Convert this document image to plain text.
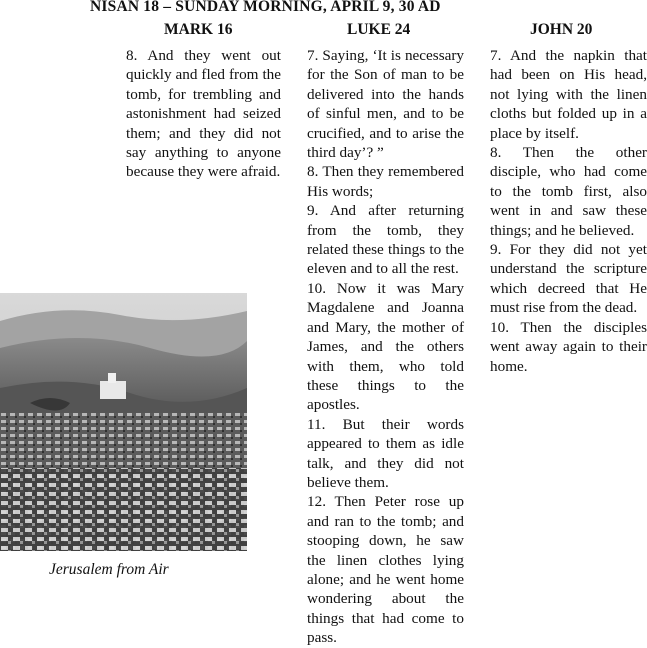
NISAN 18 – SUNDAY MORNING, APRIL 9, 30 AD
MARK 16	LUKE 24	JOHN 20

8. And they went out quickly and fled from the tomb, for trembling and astonishment had seized them; and they did not say anything to anyone because they were afraid.

7. Saying, ‘It is necessary for the Son of man to be delivered into the hands of sinful men, and to be crucified, and to arise the third day’? ”

8. Then they remembered His words;

9. And after returning from the tomb, they related these things to the eleven and to all the rest.

10. Now it was Mary Magdalene and Joanna and Mary, the mother of James, and the others with them, who told these things to the apostles.

11. But their words appeared to them as idle talk, and they did not believe them.

12. Then Peter rose up and ran to the tomb; and stooping down, he saw the linen clothes lying alone; and he went home wondering about the things that had come to pass.

7. And the napkin that had been on His head, not lying with the linen cloths but folded up in a place by itself.

8. Then the other disciple, who had come to the tomb first, also went in and saw these things; and he believed.

9. For they did not yet understand the scripture which decreed that He must rise from the dead.

10. Then the disciples went away again to their home.

Jerusalem from Air
